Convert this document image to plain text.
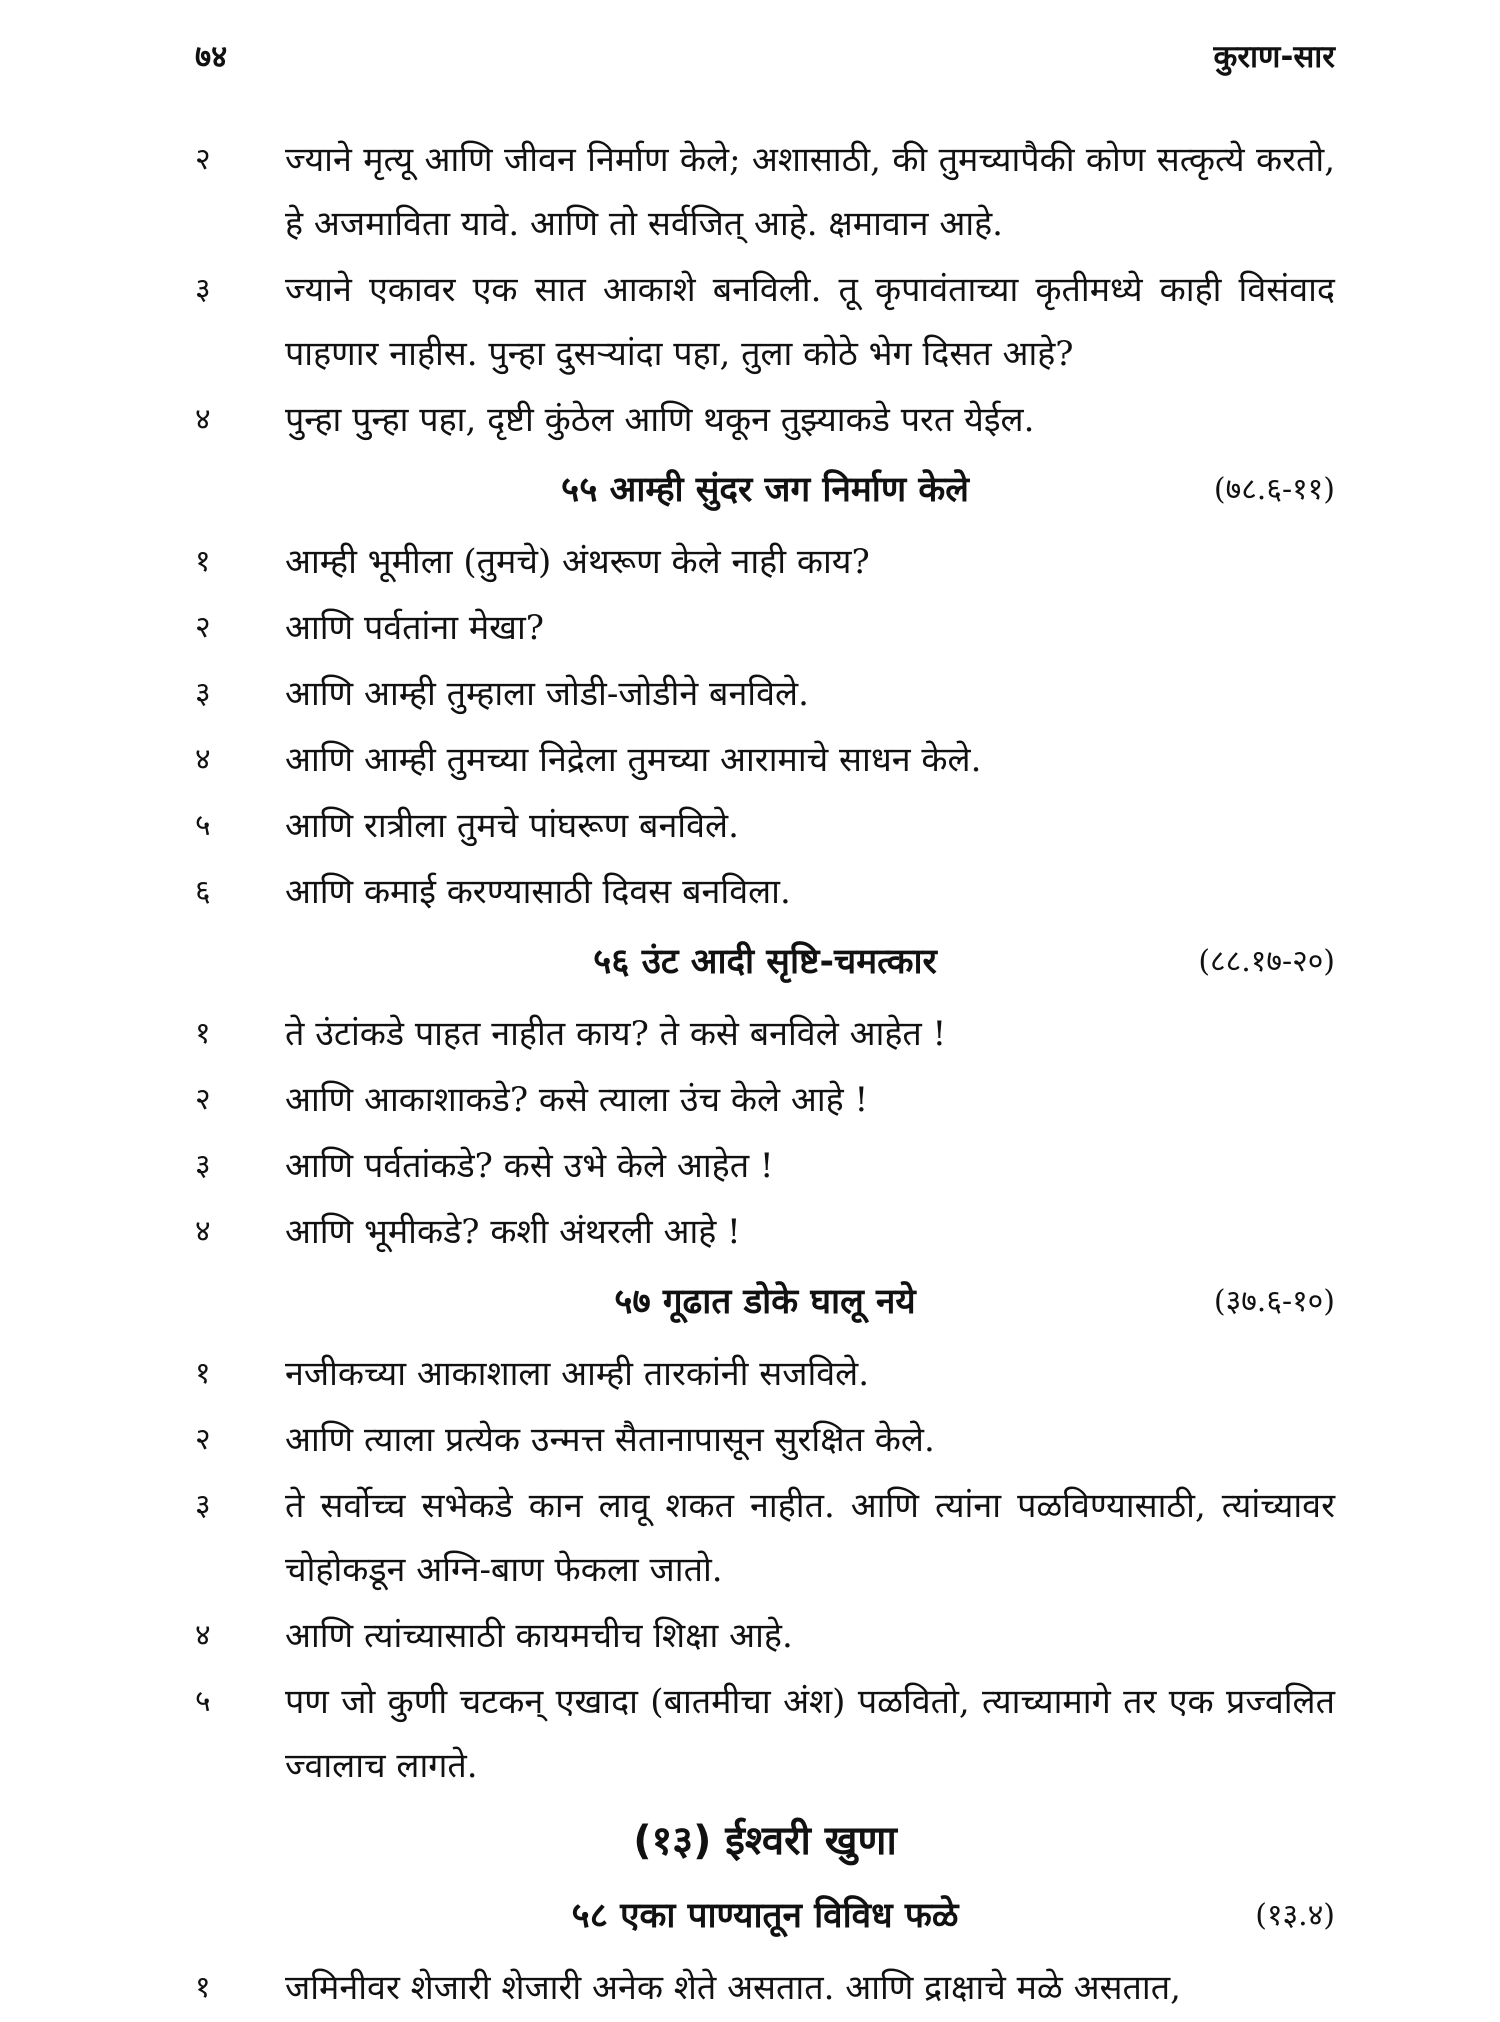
७४	कुराण-सार
२	ज्याने मृत्यू आणि जीवन निर्माण केले; अशासाठी, की तुमच्यापैकी कोण सत्कृत्ये करतो, हे अजमाविता यावे. आणि तो सर्वजित् आहे. क्षमावान आहे.
३	ज्याने एकावर एक सात आकाशे बनविली. तू कृपावंताच्या कृतीमध्ये काही विसंवाद पाहणार नाहीस. पुन्हा दुसऱ्यांदा पहा, तुला कोठे भेग दिसत आहे?
४	पुन्हा पुन्हा पहा, दृष्टी कुंठेल आणि थकून तुझ्याकडे परत येईल.
५५ आम्ही सुंदर जग निर्माण केले	(७८.६-११)
१	आम्ही भूमीला (तुमचे) अंथरूण केले नाही काय?
२	आणि पर्वतांना मेखा?
३	आणि आम्ही तुम्हाला जोडी-जोडीने बनविले.
४	आणि आम्ही तुमच्या निद्रेला तुमच्या आरामाचे साधन केले.
५	आणि रात्रीला तुमचे पांघरूण बनविले.
६	आणि कमाई करण्यासाठी दिवस बनविला.
५६ उंट आदी सृष्टि-चमत्कार	(८८.१७-२०)
१	ते उंटांकडे पाहत नाहीत काय? ते कसे बनविले आहेत !
२	आणि आकाशाकडे? कसे त्याला उंच केले आहे !
३	आणि पर्वतांकडे? कसे उभे केले आहेत !
४	आणि भूमीकडे? कशी अंथरली आहे !
५७ गूढात डोके घालू नये	(३७.६-१०)
१	नजीकच्या आकाशाला आम्ही तारकांनी सजविले.
२	आणि त्याला प्रत्येक उन्मत्त सैतानापासून सुरक्षित केले.
३	ते सर्वोच्च सभेकडे कान लावू शकत नाहीत. आणि त्यांना पळविण्यासाठी, त्यांच्यावर चोहोकडून अग्नि-बाण फेकला जातो.
४	आणि त्यांच्यासाठी कायमचीच शिक्षा आहे.
५	पण जो कुणी चटकन् एखादा (बातमीचा अंश) पळवितो, त्याच्यामागे तर एक प्रज्वलित ज्वालाच लागते.
(१३) ईश्वरी खुणा
५८ एका पाण्यातून विविध फळे	(१३.४)
१	जमिनीवर शेजारी शेजारी अनेक शेते असतात. आणि द्राक्षाचे मळे असतात,
